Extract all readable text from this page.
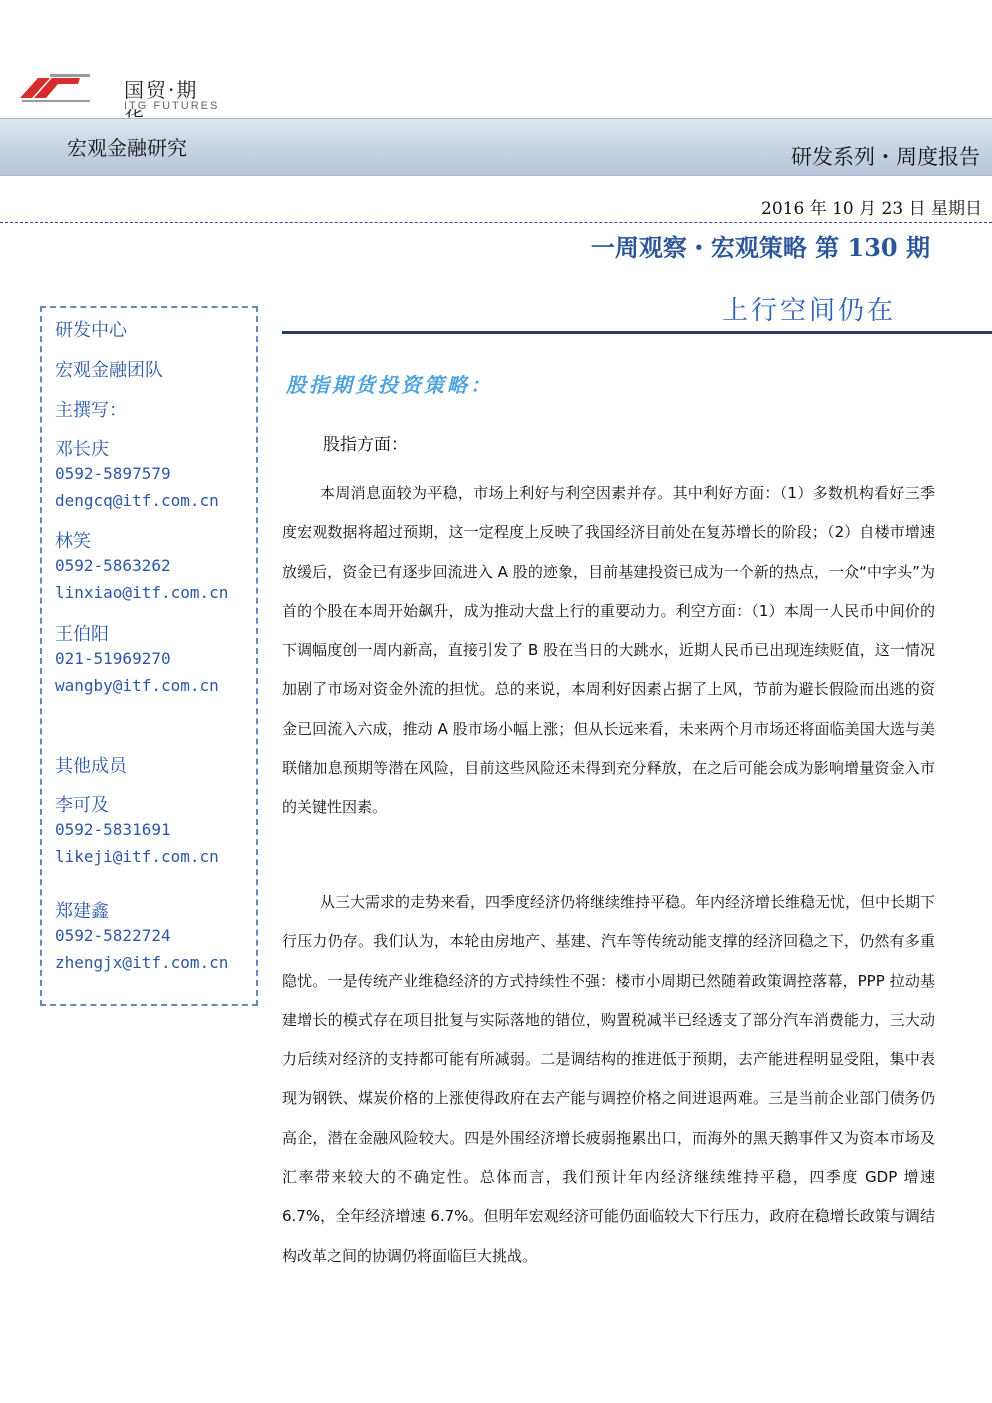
ITG	国贸·期
ITG FUTURES
宏观金融研究	研发系列・周度报告
2016 年 10 月 23 日 星期日
一周观察・宏观策略 第 130 期
上行空间仍在
研发中心
宏观金融团队
主撰写：
邓长庆
0592-5897579
dengcq@itf.com.cn
林笑
0592-5863262
linxiao@itf.com.cn
王伯阳
021-51969270
wangby@itf.com.cn
其他成员
李可及
0592-5831691
likeji@itf.com.cn
郑建鑫
0592-5822724
zhengjx@itf.com.cn
股指期货投资策略：
股指方面：

本周消息面较为平稳，市场上利好与利空因素并存。其中利好方面：（1）多数机构看好三季度宏观数据将超过预期，这一定程度上反映了我国经济目前处在复苏增长的阶段；（2）自楼市增速放缓后，资金已有逐步回流进入 A 股的迹象，目前基建投资已成为一个新的热点，一众“中字头”为首的个股在本周开始飙升，成为推动大盘上行的重要动力。利空方面：（1）本周一人民币中间价的下调幅度创一周内新高，直接引发了 B 股在当日的大跳水，近期人民币已出现连续贬值，这一情况加剧了市场对资金外流的担忧。总的来说，本周利好因素占据了上风，节前为避长假险而出逃的资金已回流入六成，推动 A 股市场小幅上涨；但从长远来看，未来两个月市场还将面临美国大选与美联储加息预期等潜在风险，目前这些风险还未得到充分释放，在之后可能会成为影响增量资金入市的关键性因素。

从三大需求的走势来看，四季度经济仍将继续维持平稳。年内经济增长维稳无忧，但中长期下行压力仍存。我们认为，本轮由房地产、基建、汽车等传统动能支撑的经济回稳之下，仍然有多重隐忧。一是传统产业维稳经济的方式持续性不强：楼市小周期已然随着政策调控落幕，PPP 拉动基建增长的模式存在项目批复与实际落地的错位，购置税减半已经透支了部分汽车消费能力，三大动力后续对经济的支持都可能有所减弱。二是调结构的推进低于预期，去产能进程明显受阻，集中表现为钢铁、煤炭价格的上涨使得政府在去产能与调控价格之间进退两难。三是当前企业部门债务仍高企，潜在金融风险较大。四是外围经济增长疲弱拖累出口，而海外的黑天鹅事件又为资本市场及汇率带来较大的不确定性。总体而言，我们预计年内经济继续维持平稳，四季度 GDP 增速 6.7%，全年经济增速 6.7%。但明年宏观经济可能仍面临较大下行压力，政府在稳增长政策与调结构改革之间的协调仍将面临巨大挑战。
